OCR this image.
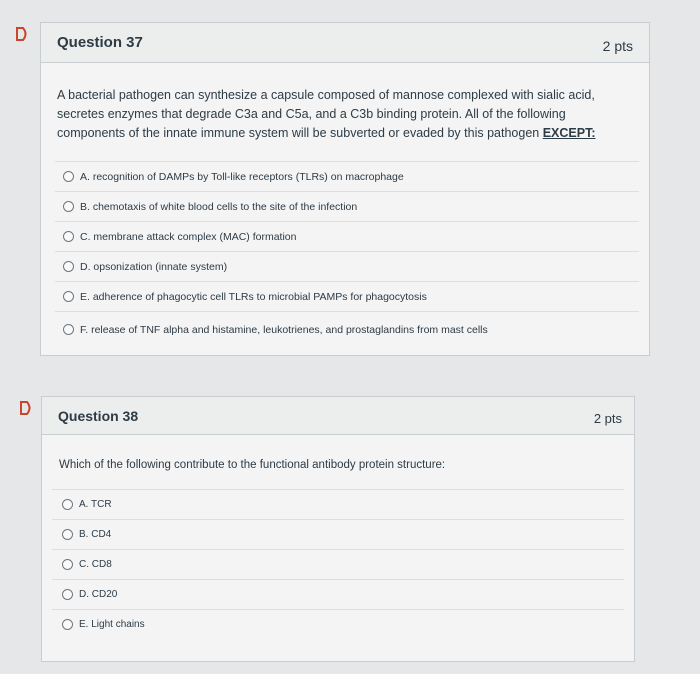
Question 37	2 pts
A bacterial pathogen can synthesize a capsule composed of mannose complexed with sialic acid, secretes enzymes that degrade C3a and C5a, and a C3b binding protein. All of the following components of the innate immune system will be subverted or evaded by this pathogen EXCEPT:
A. recognition of DAMPs by Toll-like receptors (TLRs) on macrophage
B. chemotaxis of white blood cells to the site of the infection
C. membrane attack complex (MAC) formation
D. opsonization (innate system)
E. adherence of phagocytic cell TLRs to microbial PAMPs for phagocytosis
F. release of TNF alpha and histamine, leukotrienes, and prostaglandins from mast cells
Question 38	2 pts
Which of the following contribute to the functional antibody protein structure:
A. TCR
B. CD4
C. CD8
D. CD20
E. Light chains
